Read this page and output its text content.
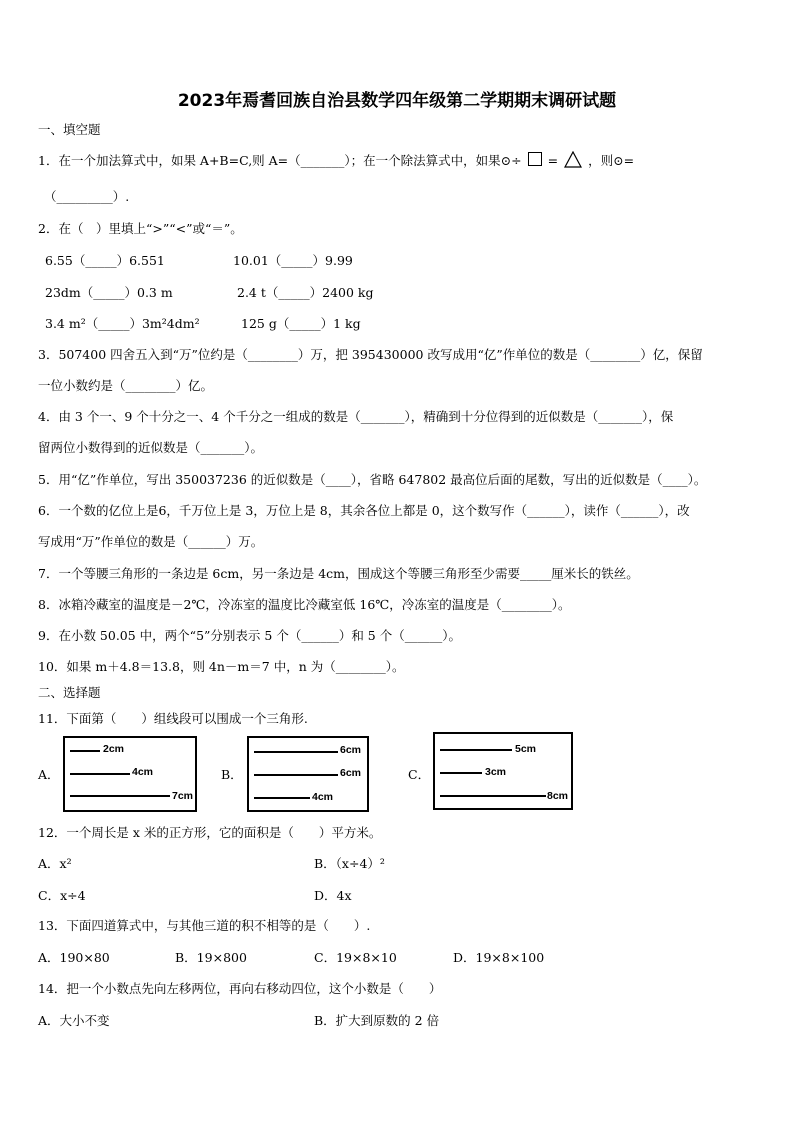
2023年焉耆回族自治县数学四年级第二学期期末调研试题
一、填空题
1．在一个加法算式中，如果 A+B=C,则 A=（_______）；在一个除法算式中，如果⊙÷ = ，则⊙=
（_________）.
2．在（　）里填上“>”“<”或“＝”。
6.55（_____）6.551	10.01（_____）9.99
23dm（_____）0.3 m	2.4 t（_____）2400 kg
3.4 m²（_____）3m²4dm²	125 g（_____）1 kg
3．507400 四舍五入到“万”位约是（________）万，把 395430000 改写成用“亿”作单位的数是（________）亿，保留
一位小数约是（________）亿。
4．由 3 个一、9 个十分之一、4 个千分之一组成的数是（_______），精确到十分位得到的近似数是（_______），保
留两位小数得到的近似数是（_______）。
5．用“亿”作单位，写出 350037236 的近似数是（____），省略 647802 最高位后面的尾数，写出的近似数是（____）。
6．一个数的亿位上是6，千万位上是 3，万位上是 8，其余各位上都是 0，这个数写作（______），读作（______），改
写成用“万”作单位的数是（______）万。
7．一个等腰三角形的一条边是 6cm，另一条边是 4cm，围成这个等腰三角形至少需要_____厘米长的铁丝。
8．冰箱冷藏室的温度是－2℃，冷冻室的温度比冷藏室低 16℃，冷冻室的温度是（________）。
9．在小数 50.05 中，两个“5”分别表示 5 个（______）和 5 个（______）。
10．如果 m＋4.8＝13.8，则 4n－m＝7 中，n 为（________）。
二、选择题
11．下面第（　　）组线段可以围成一个三角形.
A．
2cm
4cm
7cm
B．
6cm
6cm
4cm
C．
5cm
3cm
8cm
12．一个周长是 x 米的正方形，它的面积是（　　）平方米。
A．x²	B．（x÷4）²
C．x÷4	D．4x
13．下面四道算式中，与其他三道的积不相等的是（　　）.
A．190×80	B．19×800	C．19×8×10	D．19×8×100
14．把一个小数点先向左移两位，再向右移动四位，这个小数是（　　）
A．大小不变	B．扩大到原数的 2 倍
